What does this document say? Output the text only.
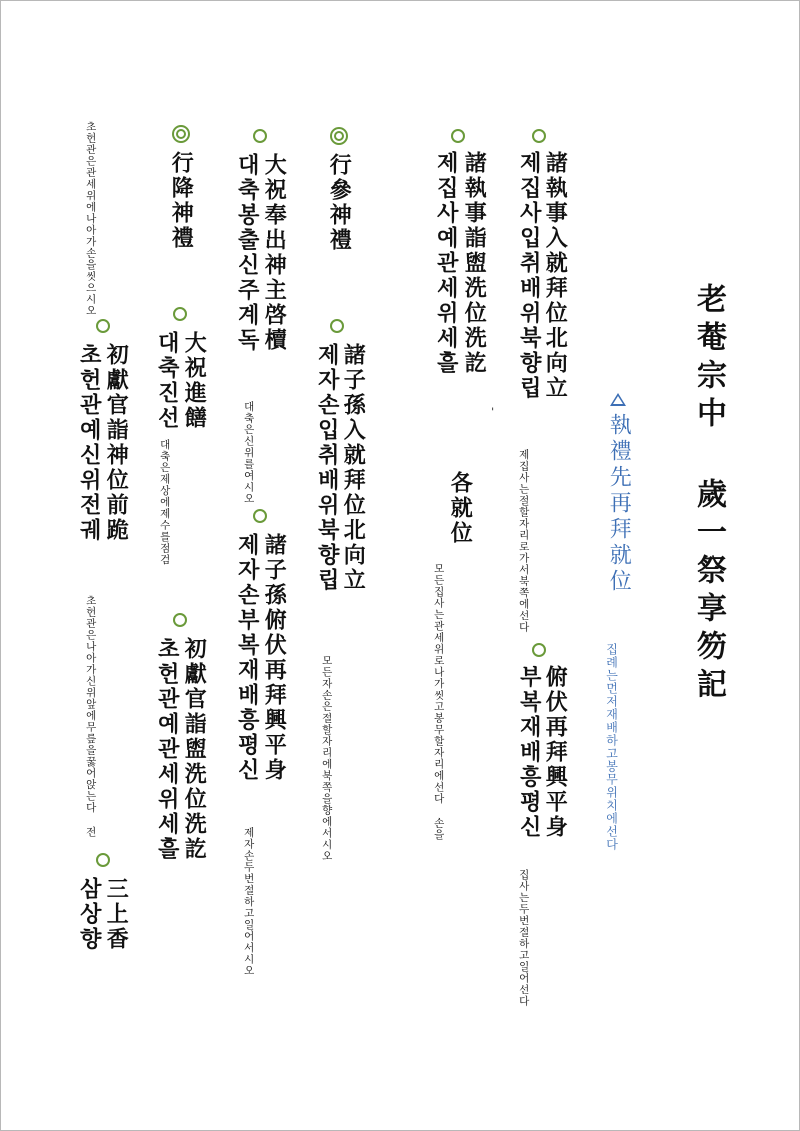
老菴宗中 歲一祭享笏記
執禮先再拜就位
집례는먼저재배하고봉무위치에선다
諸執事入就拜位北向立
제집사입취배위북향립
제집사는절할자리로가서북쪽에선다
俯伏再拜興平身
부복재배흥평신
집사는두번절하고일어선다
諸執事詣盥洗位洗訖
제집사예관세위세흘
'
各就位
모든집사는관세위로나가씻고봉무할자리에선다 손을
行參神禮
諸子孫入就拜位北向立
제자손입취배위북향립
모든자손은절할자리에북쪽을향에서시오
大祝奉出神主啓櫝
대축봉출신주계독
대축은신위를여시오
諸子孫俯伏再拜興平身
제자손부복재배흥평신
제자손두번절하고일어서시오
行降神禮
大祝進饍
대축진선
대축은제상에제수를점검
初獻官詣盥洗位洗訖
초헌관예관세위세흘
초헌관은관세위에나아가손을씻으시오
初獻官詣神位前跪
초헌관예신위전궤
초헌관은나아가신위앞에무릎을꿇어앉는다 전
三上香
삼상향
